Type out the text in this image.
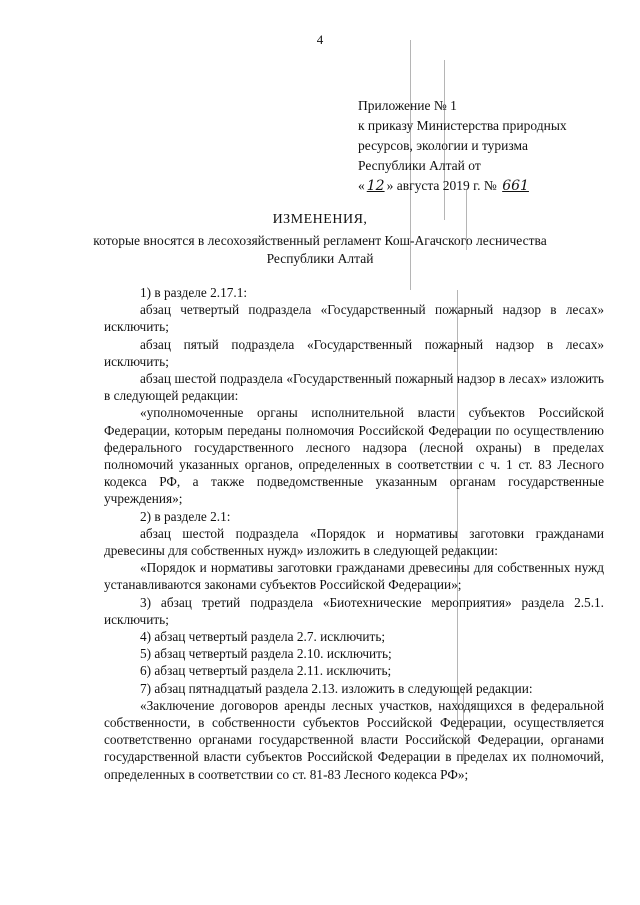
4
Приложение № 1
к приказу Министерства природных
ресурсов, экологии и туризма
Республики Алтай от
« 12 » августа 2019 г. № 661
ИЗМЕНЕНИЯ,
которые вносятся в лесохозяйственный регламент Кош-Агачского лесничества Республики Алтай

1) в разделе 2.17.1:

абзац четвертый подраздела «Государственный пожарный надзор в лесах» исключить;

абзац пятый подраздела «Государственный пожарный надзор в лесах» исключить;

абзац шестой подраздела «Государственный пожарный надзор в лесах» изложить в следующей редакции:

«уполномоченные органы исполнительной власти субъектов Российской Федерации, которым переданы полномочия Российской Федерации по осуществлению федерального государственного лесного надзора (лесной охраны) в пределах полномочий указанных органов, определенных в соответствии с ч. 1 ст. 83 Лесного кодекса РФ, а также подведомственные указанным органам государственные учреждения»;

2) в разделе 2.1:

абзац шестой подраздела «Порядок и нормативы заготовки гражданами древесины для собственных нужд» изложить в следующей редакции:

«Порядок и нормативы заготовки гражданами древесины для собственных нужд устанавливаются законами субъектов Российской Федерации»;

3) абзац третий подраздела «Биотехнические мероприятия» раздела 2.5.1. исключить;

4) абзац четвертый раздела 2.7. исключить;

5) абзац четвертый раздела 2.10. исключить;

6) абзац четвертый раздела 2.11. исключить;

7) абзац пятнадцатый раздела 2.13. изложить в следующей редакции:

«Заключение договоров аренды лесных участков, находящихся в федеральной собственности, в собственности субъектов Российской Федерации, осуществляется соответственно органами государственной власти Российской Федерации, органами государственной власти субъектов Российской Федерации в пределах их полномочий, определенных в соответствии со ст. 81-83 Лесного кодекса РФ»;
